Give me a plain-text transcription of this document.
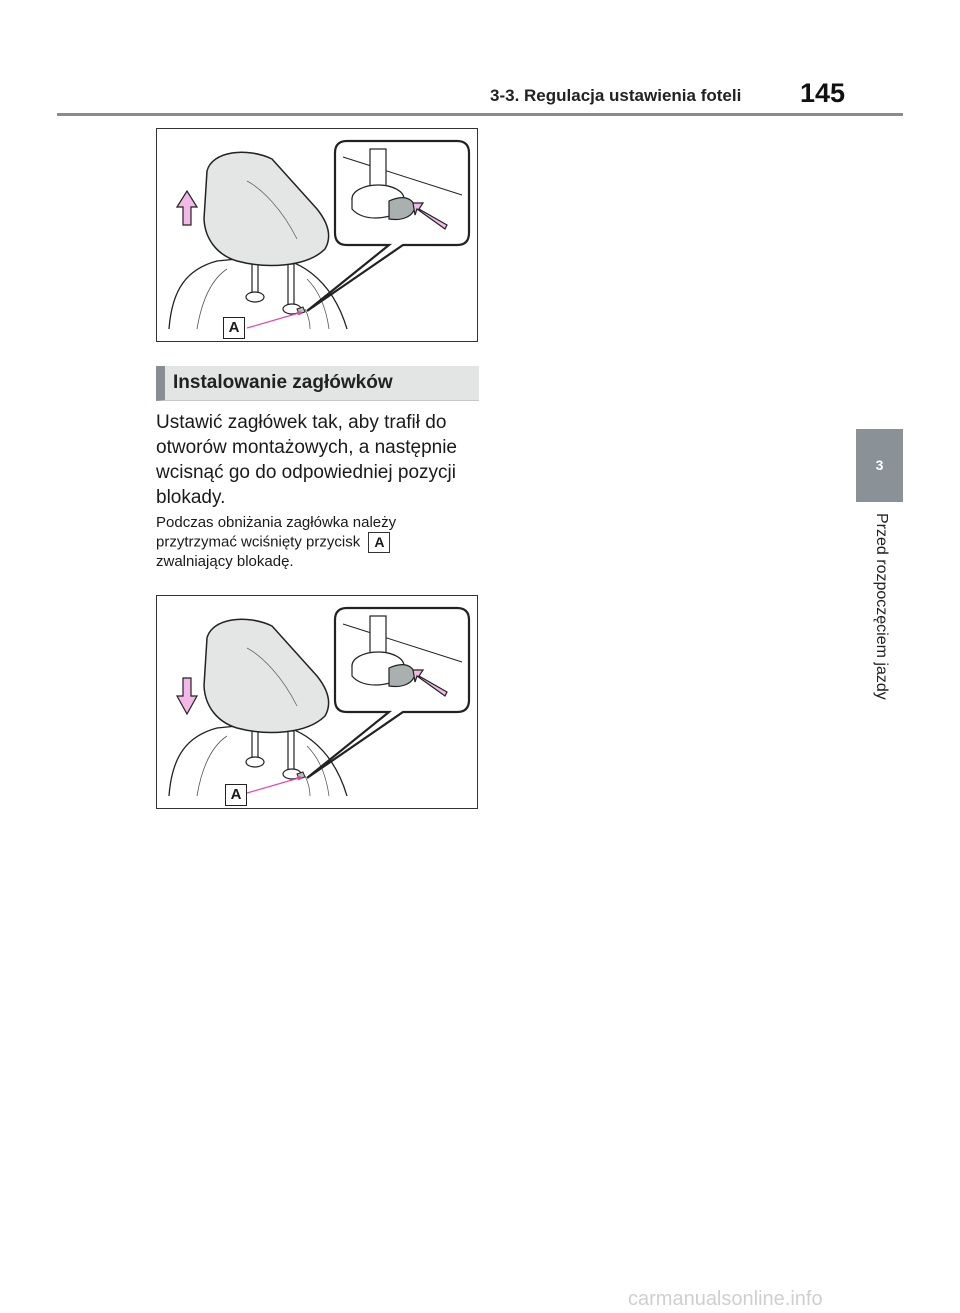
3-3. Regulacja ustawienia foteli 145
A
Instalowanie zagłówków

Ustawić zagłówek tak, aby trafił do otworów montażowych, a następnie wcisnąć go do odpowiedniej pozycji blokady.

Podczas obniżania zagłówka należy przytrzymać wciśnięty przycisk A
zwalniający blokadę.

A
3
Przed rozpoczęciem jazdy
carmanualsonline.info
